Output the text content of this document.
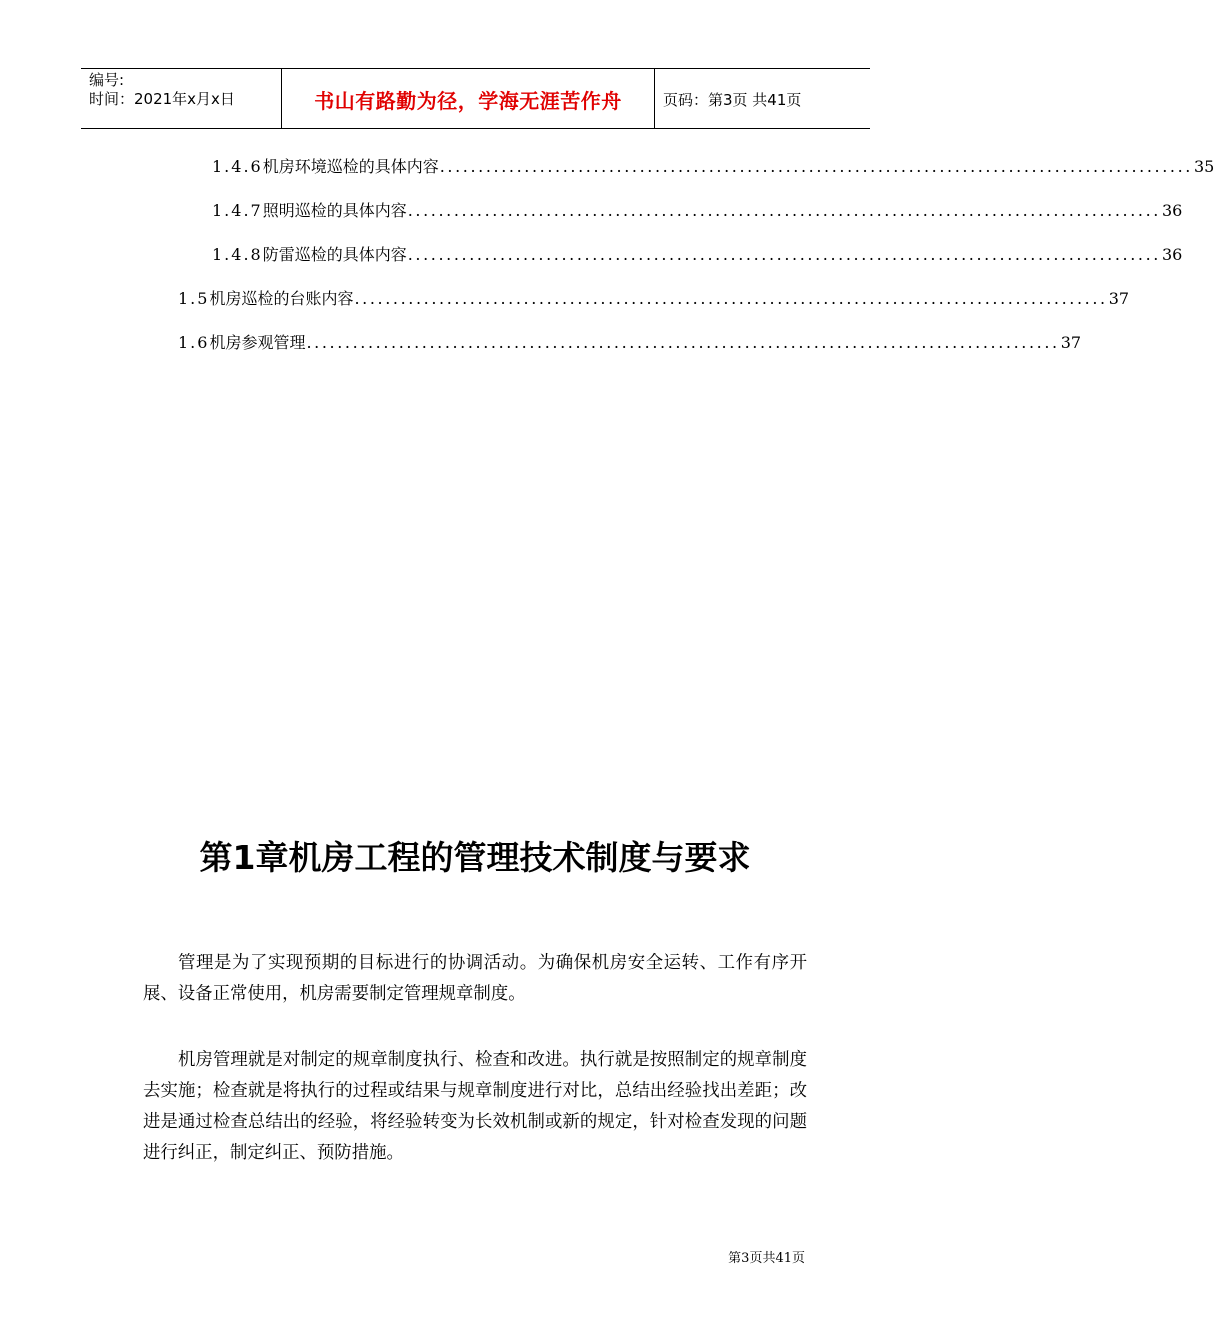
编号:
时间：2021年x月x日	书山有路勤为径，学海无涯苦作舟	页码：第3页 共41页
1.4.6 机房环境巡检的具体内容 .................................................................................................. 35
1.4.7 照明巡检的具体内容 .................................................................................................. 36
1.4.8 防雷巡检的具体内容 .................................................................................................. 36
1.5 机房巡检的台账内容 .................................................................................................. 37
1.6 机房参观管理 .................................................................................................. 37
第1章机房工程的管理技术制度与要求

管理是为了实现预期的目标进行的协调活动。为确保机房安全运转、工作有序开展、设备正常使用，机房需要制定管理规章制度。

机房管理就是对制定的规章制度执行、检查和改进。执行就是按照制定的规章制度去实施；检查就是将执行的过程或结果与规章制度进行对比，总结出经验找出差距；改进是通过检查总结出的经验，将经验转变为长效机制或新的规定，针对检查发现的问题进行纠正，制定纠正、预防措施。

第3页共41页
